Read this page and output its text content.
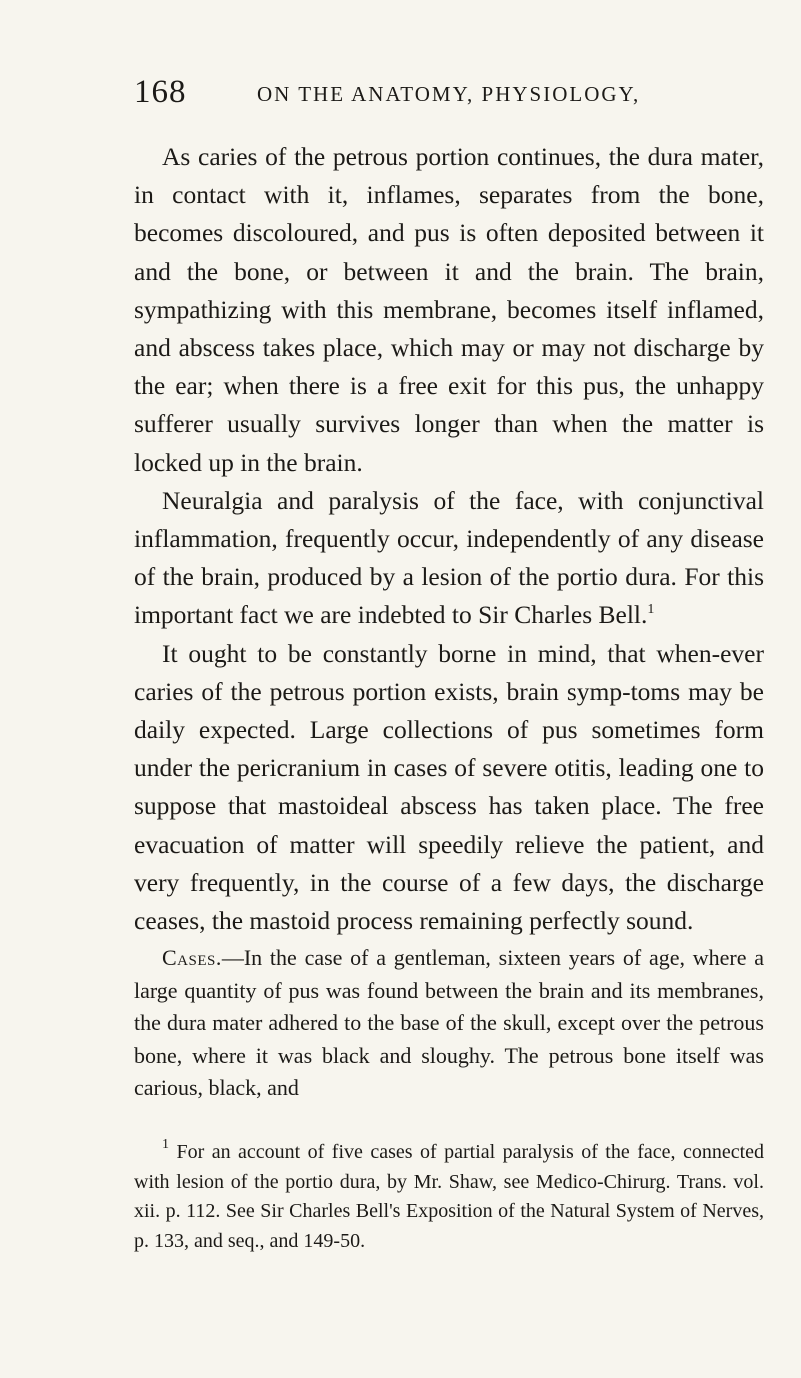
168	ON THE ANATOMY, PHYSIOLOGY,

As caries of the petrous portion continues, the dura mater, in contact with it, inflames, separates from the bone, becomes discoloured, and pus is often deposited between it and the bone, or between it and the brain. The brain, sympathizing with this membrane, becomes itself inflamed, and abscess takes place, which may or may not discharge by the ear; when there is a free exit for this pus, the unhappy sufferer usually survives longer than when the matter is locked up in the brain.

Neuralgia and paralysis of the face, with conjunctival inflammation, frequently occur, independently of any disease of the brain, produced by a lesion of the portio dura. For this important fact we are indebted to Sir Charles Bell.$^1$

It ought to be constantly borne in mind, that when-ever caries of the petrous portion exists, brain symp-toms may be daily expected. Large collections of pus sometimes form under the pericranium in cases of severe otitis, leading one to suppose that mastoideal abscess has taken place. The free evacuation of matter will speedily relieve the patient, and very frequently, in the course of a few days, the discharge ceases, the mastoid process remaining perfectly sound.

Cases.—In the case of a gentleman, sixteen years of age, where a large quantity of pus was found between the brain and its membranes, the dura mater adhered to the base of the skull, except over the petrous bone, where it was black and sloughy. The petrous bone itself was carious, black, and

$^1$ For an account of five cases of partial paralysis of the face, connected with lesion of the portio dura, by Mr. Shaw, see Medico-Chirurg. Trans. vol. xii. p. 112. See Sir Charles Bell's Exposition of the Natural System of Nerves, p. 133, and seq., and 149-50.
